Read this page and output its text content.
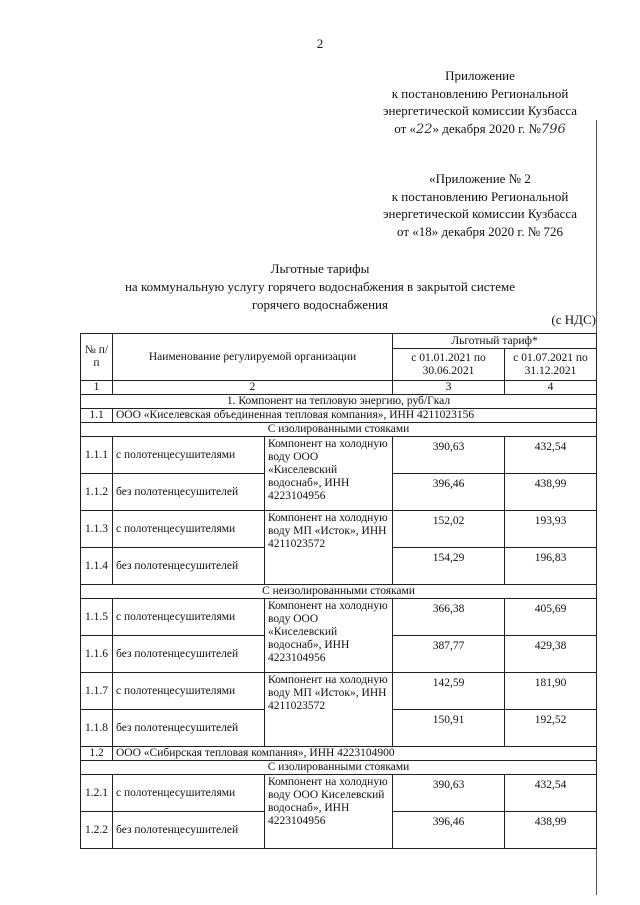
2
Приложение
к постановлению Региональной
энергетической комиссии Кузбасса
от «22» декабря 2020 г. №796
«Приложение № 2
к постановлению Региональной
энергетической комиссии Кузбасса
от «18» декабря 2020 г. № 726
Льготные тарифы
на коммунальную услугу горячего водоснабжения в закрытой системе
горячего водоснабжения
(с НДС)
№ п/п	Наименование регулируемой организации		Льготный тариф*	
			с 01.01.2021 по 30.06.2021	с 01.07.2021 по 31.12.2021
1	2		3	4
1. Компонент на тепловую энергию, руб/Гкал				
1.1	ООО «Киселевская объединенная тепловая компания», ИНН 4211023156			
С изолированными стояками				
1.1.1	с полотенцесушителями	Компонент на холодную воду ООО «Киселевский водоснаб», ИНН 4223104956	390,63	432,54
1.1.2	без полотенцесушителей		396,46	438,99
1.1.3	с полотенцесушителями	Компонент на холодную воду МП «Исток», ИНН 4211023572	152,02	193,93
1.1.4	без полотенцесушителей		154,29	196,83
С неизолированными стояками				
1.1.5	с полотенцесушителями	Компонент на холодную воду ООО «Киселевский водоснаб», ИНН 4223104956	366,38	405,69
1.1.6	без полотенцесушителей		387,77	429,38
1.1.7	с полотенцесушителями	Компонент на холодную воду МП «Исток», ИНН 4211023572	142,59	181,90
1.1.8	без полотенцесушителей		150,91	192,52
1.2	ООО «Сибирская тепловая компания», ИНН 4223104900			
С изолированными стояками				
1.2.1	с полотенцесушителями	Компонент на холодную воду ООО Киселевский водоснаб», ИНН 4223104956	390,63	432,54
1.2.2	без полотенцесушителей		396,46	438,99
